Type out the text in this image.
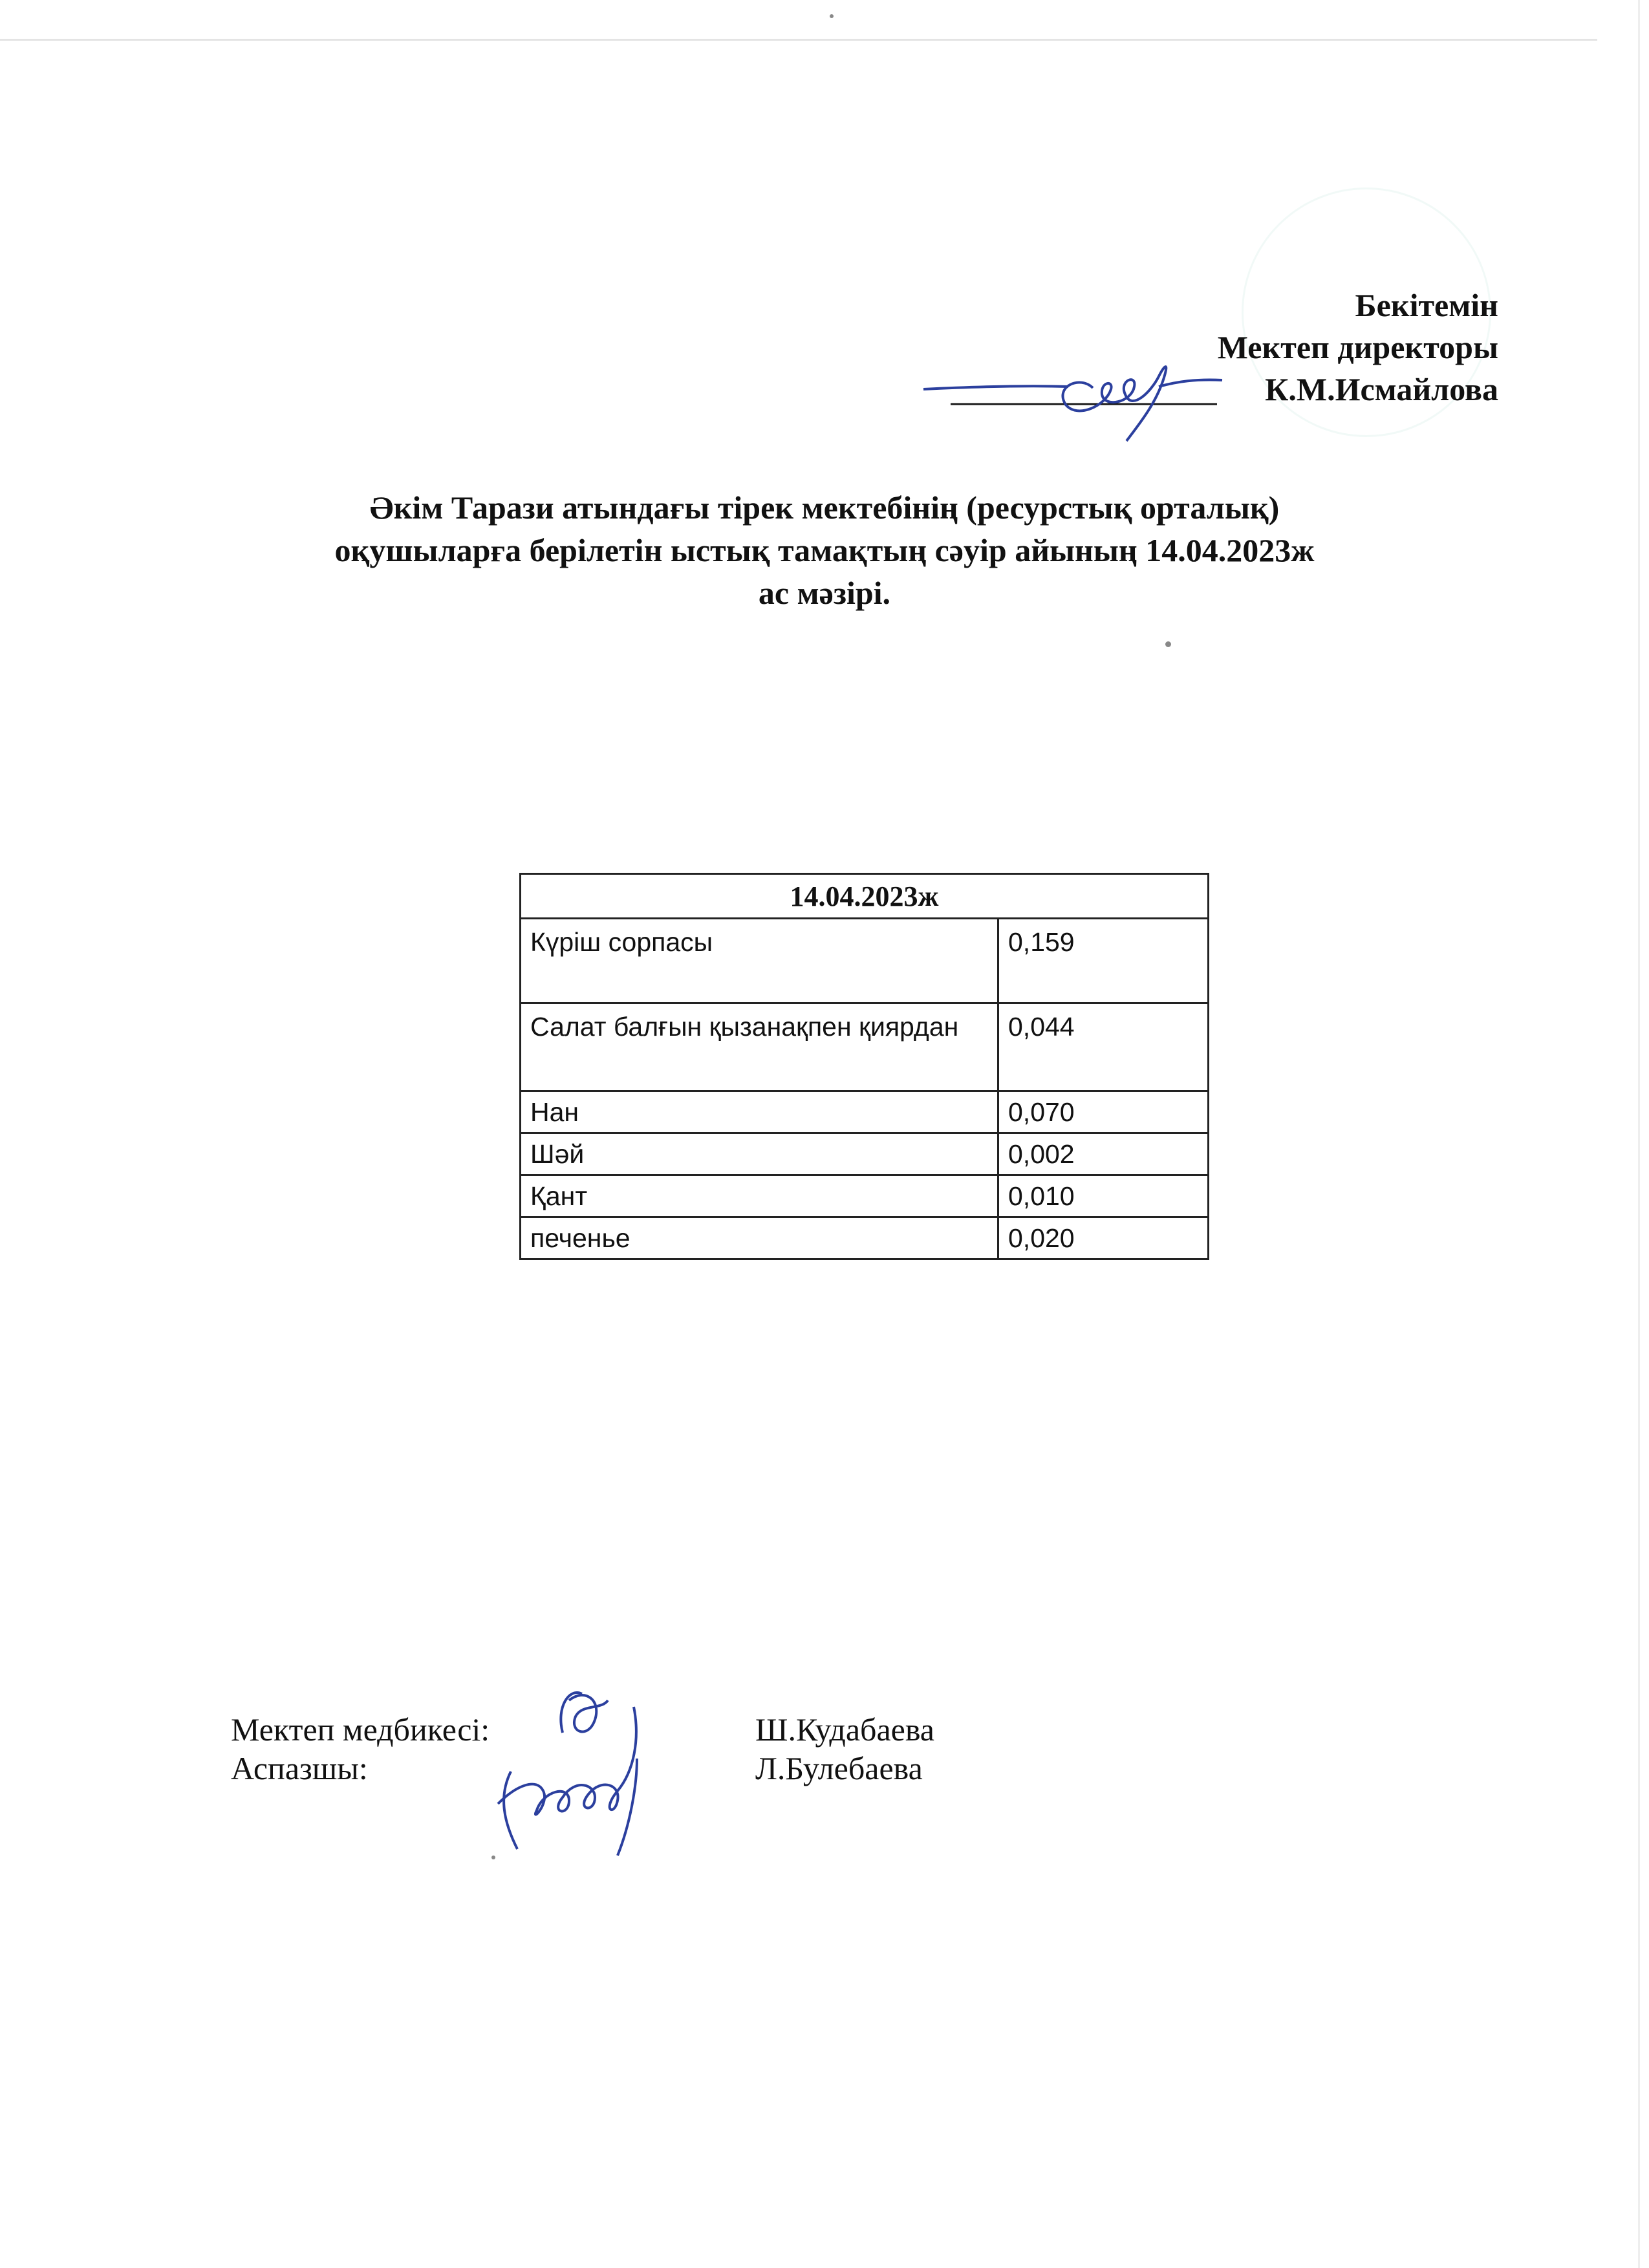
Бекітемін
Мектеп директоры
К.М.Исмайлова
Әкім Тарази атындағы тірек мектебінің (ресурстық орталық)
оқушыларға берілетін ыстық тамақтың сәуір айының 14.04.2023ж
ас мәзірі.
14.04.2023ж	
Күріш сорпасы	0,159
Салат балғын қызанақпен қиярдан	0,044
Нан	0,070
Шәй	0,002
Қант	0,010
печенье	0,020
Мектеп медбикесі:
Аспазшы:
Ш.Кудабаева
Л.Булебаева
